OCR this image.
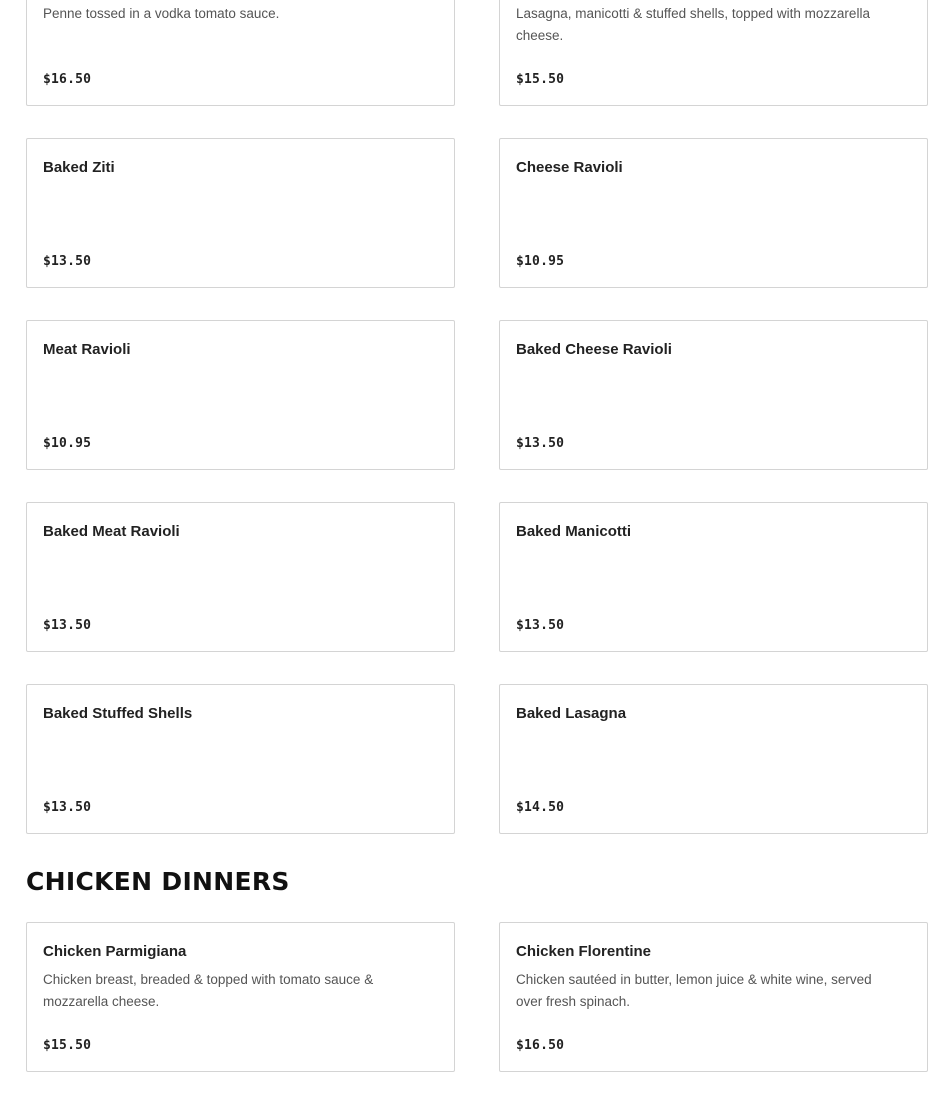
Penne tossed in a vodka tomato sauce.
$16.50
Lasagna, manicotti & stuffed shells, topped with mozzarella cheese.
$15.50
Baked Ziti
$13.50
Cheese Ravioli
$10.95
Meat Ravioli
$10.95
Baked Cheese Ravioli
$13.50
Baked Meat Ravioli
$13.50
Baked Manicotti
$13.50
Baked Stuffed Shells
$13.50
Baked Lasagna
$14.50
CHICKEN DINNERS
Chicken Parmigiana
Chicken breast, breaded & topped with tomato sauce & mozzarella cheese.
$15.50
Chicken Florentine
Chicken sautéed in butter, lemon juice & white wine, served over fresh spinach.
$16.50
